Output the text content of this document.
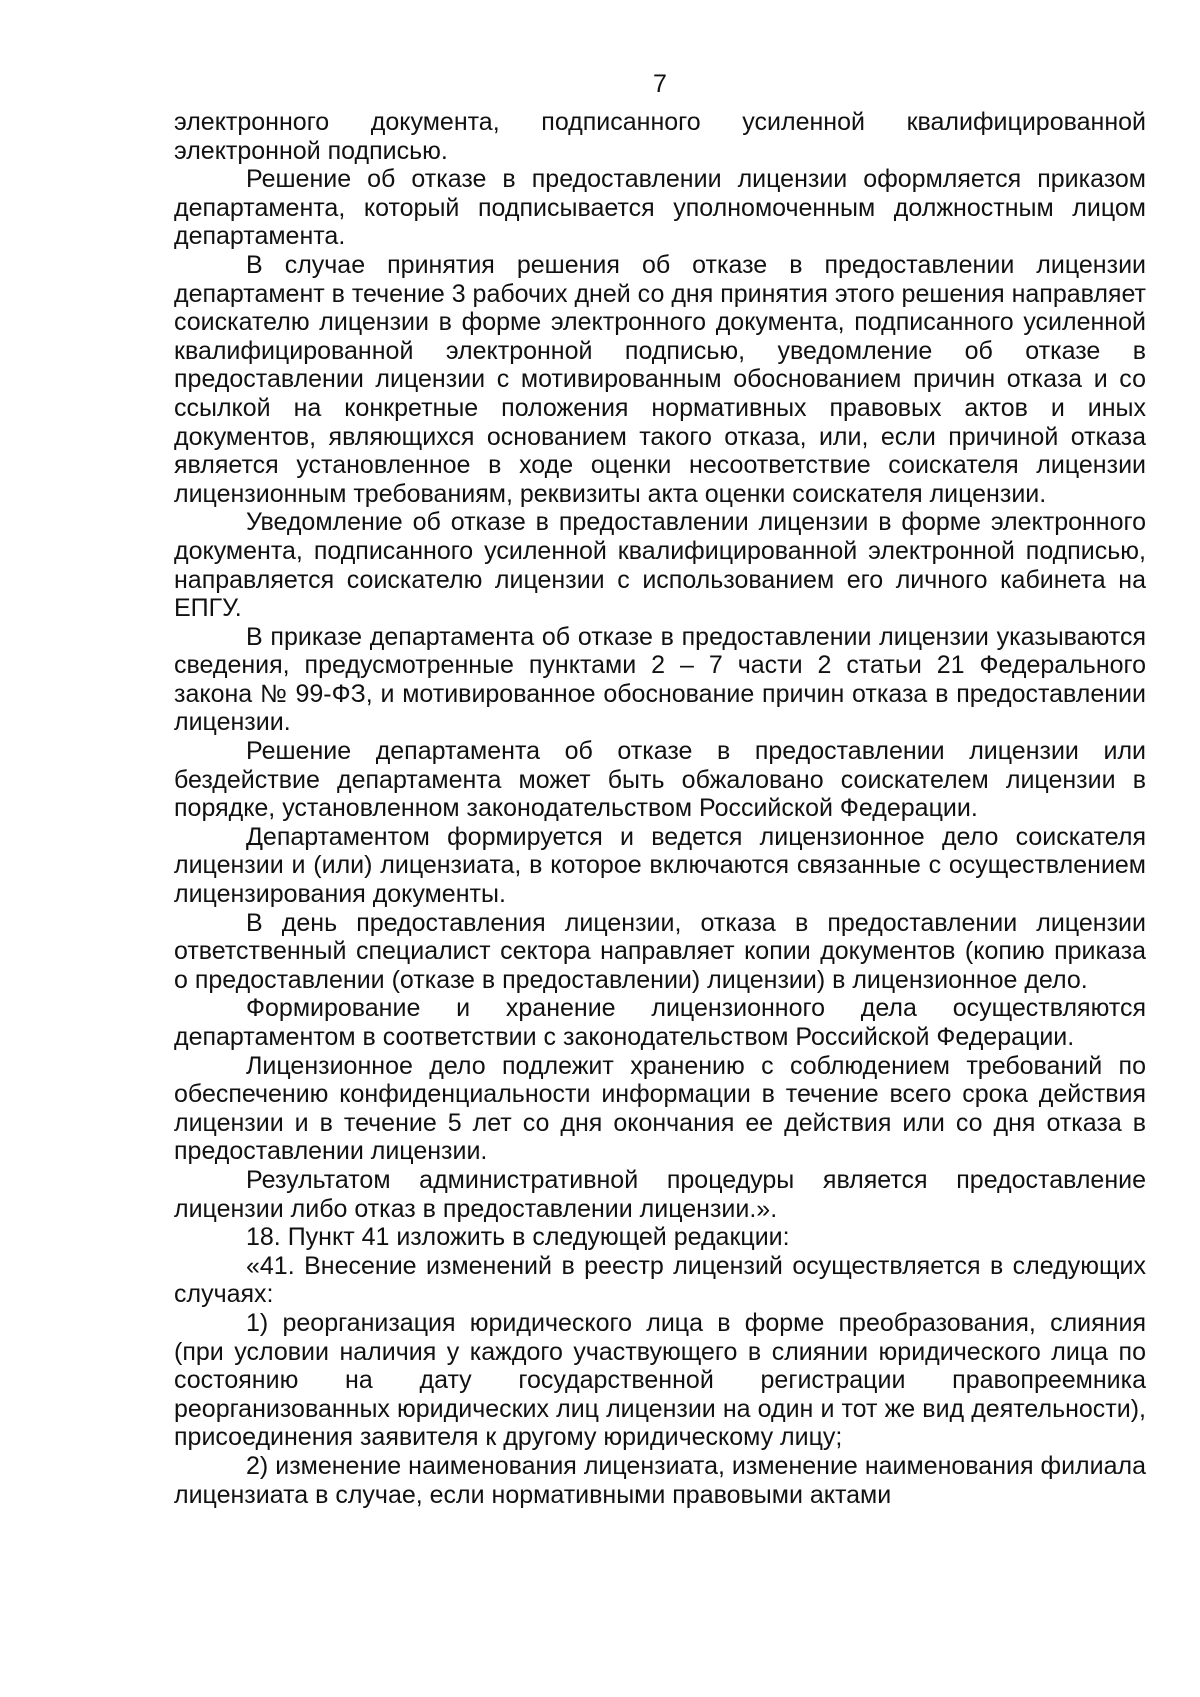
7

электронного документа, подписанного усиленной квалифицированной электронной подписью.

Решение об отказе в предоставлении лицензии оформляется приказом департамента, который подписывается уполномоченным должностным лицом департамента.

В случае принятия решения об отказе в предоставлении лицензии департамент в течение 3 рабочих дней со дня принятия этого решения направляет соискателю лицензии в форме электронного документа, подписанного усиленной квалифицированной электронной подписью, уведомление об отказе в предоставлении лицензии с мотивированным обоснованием причин отказа и со ссылкой на конкретные положения нормативных правовых актов и иных документов, являющихся основанием такого отказа, или, если причиной отказа является установленное в ходе оценки несоответствие соискателя лицензии лицензионным требованиям, реквизиты акта оценки соискателя лицензии.

Уведомление об отказе в предоставлении лицензии в форме электронного документа, подписанного усиленной квалифицированной электронной подписью, направляется соискателю лицензии с использованием его личного кабинета на ЕПГУ.

В приказе департамента об отказе в предоставлении лицензии указываются сведения, предусмотренные пунктами 2 – 7 части 2 статьи 21 Федерального закона № 99-ФЗ, и мотивированное обоснование причин отказа в предоставлении лицензии.

Решение департамента об отказе в предоставлении лицензии или бездействие департамента может быть обжаловано соискателем лицензии в порядке, установленном законодательством Российской Федерации.

Департаментом формируется и ведется лицензионное дело соискателя лицензии и (или) лицензиата, в которое включаются связанные с осуществлением лицензирования документы.

В день предоставления лицензии, отказа в предоставлении лицензии ответственный специалист сектора направляет копии документов (копию приказа о предоставлении (отказе в предоставлении) лицензии) в лицензионное дело.

Формирование и хранение лицензионного дела осуществляются департаментом в соответствии с законодательством Российской Федерации.

Лицензионное дело подлежит хранению с соблюдением требований по обеспечению конфиденциальности информации в течение всего срока действия лицензии и в течение 5 лет со дня окончания ее действия или со дня отказа в предоставлении лицензии.

Результатом административной процедуры является предоставление лицензии либо отказ в предоставлении лицензии.».

18. Пункт 41 изложить в следующей редакции:

«41. Внесение изменений в реестр лицензий осуществляется в следующих случаях:

1) реорганизация юридического лица в форме преобразования, слияния (при условии наличия у каждого участвующего в слиянии юридического лица по состоянию на дату государственной регистрации правопреемника реорганизованных юридических лиц лицензии на один и тот же вид деятельности), присоединения заявителя к другому юридическому лицу;

2) изменение наименования лицензиата, изменение наименования филиала лицензиата в случае, если нормативными правовыми актами
